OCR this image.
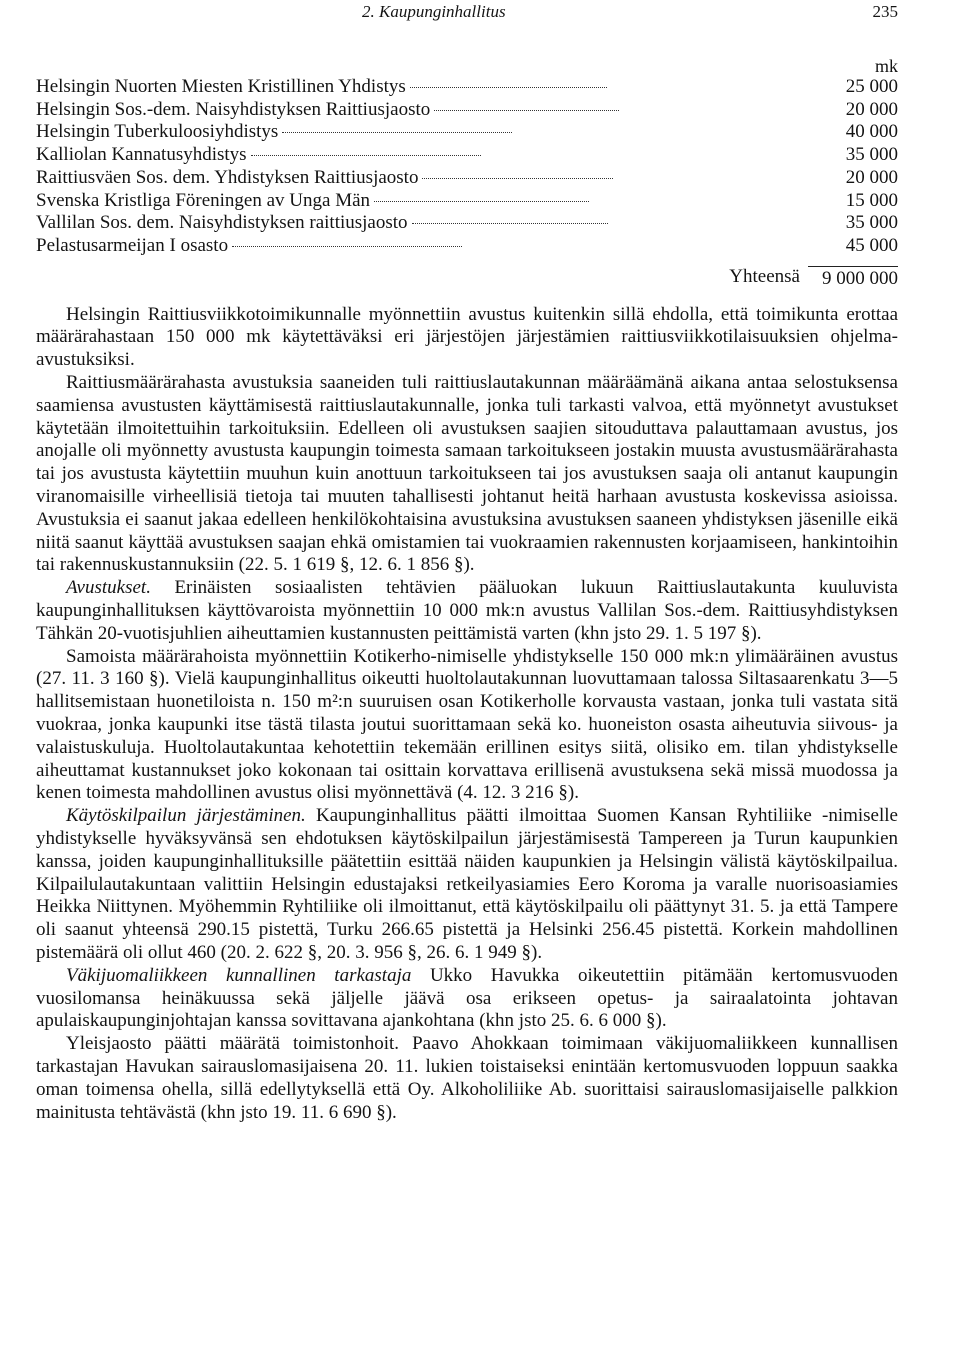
2. Kaupunginhallitus	235
mk
Helsingin Nuorten Miesten Kristillinen Yhdistys	25 000
Helsingin Sos.-dem. Naisyhdistyksen Raittiusjaosto	20 000
Helsingin Tuberkuloosiyhdistys	40 000
Kalliolan Kannatusyhdistys	35 000
Raittiusväen Sos. dem. Yhdistyksen Raittiusjaosto	20 000
Svenska Kristliga Föreningen av Unga Män	15 000
Vallilan Sos. dem. Naisyhdistyksen raittiusjaosto	35 000
Pelastusarmeijan I osasto	45 000
Yhteensä	9 000 000

Helsingin Raittiusviikkotoimikunnalle myönnettiin avustus kuitenkin sillä ehdolla, että toimikunta erottaa määrärahastaan 150 000 mk käytettäväksi eri järjestöjen järjestämien raittiusviikkotilaisuuksien ohjelma-avustuksiksi.

Raittiusmäärärahasta avustuksia saaneiden tuli raittiuslautakunnan määräämänä aikana antaa selostuksensa saamiensa avustusten käyttämisestä raittiuslautakunnalle, jonka tuli tarkasti valvoa, että myönnetyt avustukset käytetään ilmoitettuihin tarkoituksiin. Edelleen oli avustuksen saajien sitouduttava palauttamaan avustus, jos anojalle oli myönnetty avustusta kaupungin toimesta samaan tarkoitukseen jostakin muusta avustusmäärärahasta tai jos avustusta käytettiin muuhun kuin anottuun tarkoitukseen tai jos avustuksen saaja oli antanut kaupungin viranomaisille virheellisiä tietoja tai muuten tahallisesti johtanut heitä harhaan avustusta koskevissa asioissa. Avustuksia ei saanut jakaa edelleen henkilökohtaisina avustuksina avustuksen saaneen yhdistyksen jäsenille eikä niitä saanut käyttää avustuksen saajan ehkä omistamien tai vuokraamien rakennusten korjaamiseen, hankintoihin tai rakennuskustannuksiin (22. 5. 1 619 §, 12. 6. 1 856 §).

Avustukset. Erinäisten sosiaalisten tehtävien pääluokan lukuun Raittiuslautakunta kuuluvista kaupunginhallituksen käyttövaroista myönnettiin 10 000 mk:n avustus Vallilan Sos.-dem. Raittiusyhdistyksen Tähkän 20-vuotisjuhlien aiheuttamien kustannusten peittämistä varten (khn jsto 29. 1. 5 197 §).

Samoista määrärahoista myönnettiin Kotikerho-nimiselle yhdistykselle 150 000 mk:n ylimääräinen avustus (27. 11. 3 160 §). Vielä kaupunginhallitus oikeutti huoltolautakunnan luovuttamaan talossa Siltasaarenkatu 3—5 hallitsemistaan huonetiloista n. 150 m²:n suuruisen osan Kotikerholle korvausta vastaan, jonka tuli vastata sitä vuokraa, jonka kaupunki itse tästä tilasta joutui suorittamaan sekä ko. huoneiston osasta aiheutuvia siivous- ja valaistuskuluja. Huoltolautakuntaa kehotettiin tekemään erillinen esitys siitä, olisiko em. tilan yhdistykselle aiheuttamat kustannukset joko kokonaan tai osittain korvattava erillisenä avustuksena sekä missä muodossa ja kenen toimesta mahdollinen avustus olisi myönnettävä (4. 12. 3 216 §).

Käytöskilpailun järjestäminen. Kaupunginhallitus päätti ilmoittaa Suomen Kansan Ryhtiliike -nimiselle yhdistykselle hyväksyvänsä sen ehdotuksen käytöskilpailun järjestämisestä Tampereen ja Turun kaupunkien kanssa, joiden kaupunginhallituksille päätettiin esittää näiden kaupunkien ja Helsingin välistä käytöskilpailua. Kilpailulautakuntaan valittiin Helsingin edustajaksi retkeilyasiamies Eero Koroma ja varalle nuorisoasiamies Heikka Niittynen. Myöhemmin Ryhtiliike oli ilmoittanut, että käytöskilpailu oli päättynyt 31. 5. ja että Tampere oli saanut yhteensä 290.15 pistettä, Turku 266.65 pistettä ja Helsinki 256.45 pistettä. Korkein mahdollinen pistemäärä oli ollut 460 (20. 2. 622 §, 20. 3. 956 §, 26. 6. 1 949 §).

Väkijuomaliikkeen kunnallinen tarkastaja Ukko Havukka oikeutettiin pitämään kertomusvuoden vuosilomansa heinäkuussa sekä jäljelle jäävä osa erikseen opetus- ja sairaalatointa johtavan apulaiskaupunginjohtajan kanssa sovittavana ajankohtana (khn jsto 25. 6. 6 000 §).

Yleisjaosto päätti määrätä toimistonhoit. Paavo Ahokkaan toimimaan väkijuomaliikkeen kunnallisen tarkastajan Havukan sairauslomasijaisena 20. 11. lukien toistaiseksi enintään kertomusvuoden loppuun saakka oman toimensa ohella, sillä edellytyksellä että Oy. Alkoholiliike Ab. suorittaisi sairauslomasijaiselle palkkion mainitusta tehtävästä (khn jsto 19. 11. 6 690 §).
